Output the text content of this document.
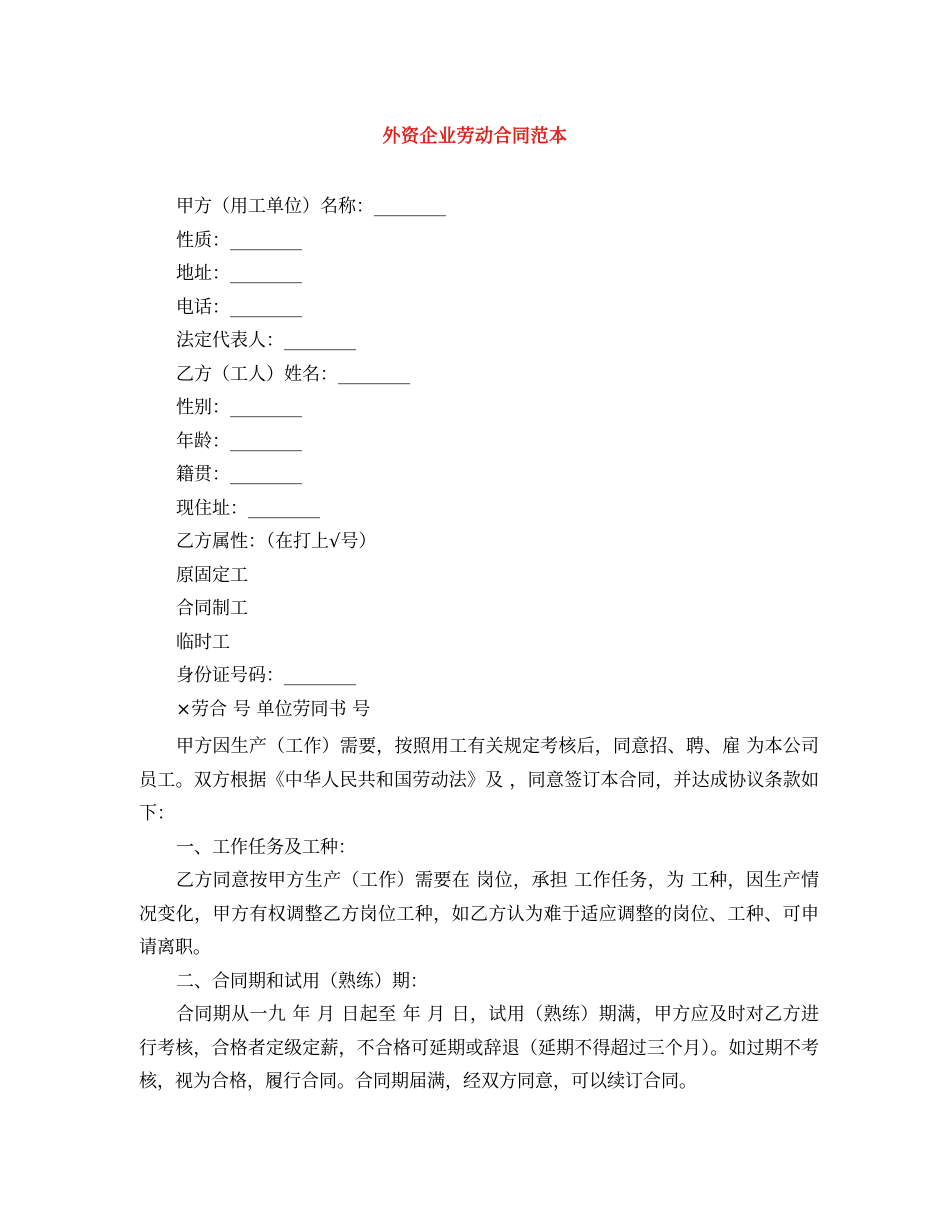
外资企业劳动合同范本
甲方（用工单位）名称：________
性质：________
地址：________
电话：________
法定代表人：________
乙方（工人）姓名：________
性别：________
年龄：________
籍贯：________
现住址：________
乙方属性：（在打上√号）
原固定工
合同制工
临时工
身份证号码：________
×劳合 号 单位劳同书 号

甲方因生产（工作）需要，按照用工有关规定考核后，同意招、聘、雇 为本公司员工。双方根据《中华人民共和国劳动法》及 ，同意签订本合同，并达成协议条款如下：

一、工作任务及工种：

乙方同意按甲方生产（工作）需要在 岗位，承担 工作任务，为 工种，因生产情况变化，甲方有权调整乙方岗位工种，如乙方认为难于适应调整的岗位、工种、可申请离职。

二、合同期和试用（熟练）期：

合同期从一九 年 月 日起至 年 月 日，试用（熟练）期满，甲方应及时对乙方进行考核，合格者定级定薪，不合格可延期或辞退（延期不得超过三个月）。如过期不考核，视为合格，履行合同。合同期届满，经双方同意，可以续订合同。
